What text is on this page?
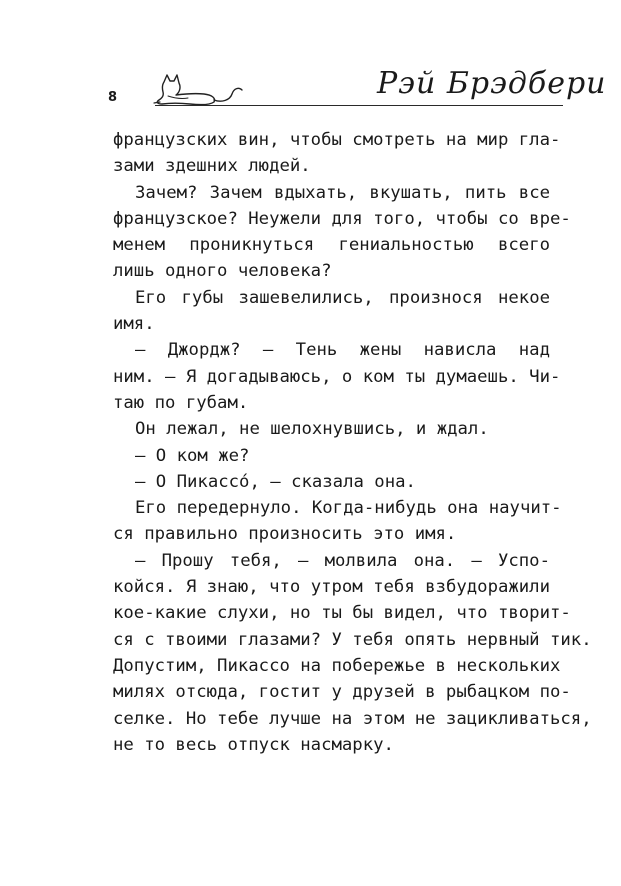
8	Рэй Брэдбери
французских вин, чтобы смотреть на мир гла-
зами здешних людей.
Зачем? Зачем вдыхать, вкушать, пить все
французское? Неужели для того, чтобы со вре-
менем проникнуться гениальностью всего
лишь одного человека?
Его губы зашевелились, произнося некое
имя.
— Джордж? — Тень жены нависла над
ним. — Я догадываюсь, о ком ты думаешь. Чи-
таю по губам.
Он лежал, не шелохнувшись, и ждал.
— О ком же?
— О Пикассо́, — сказала она.
Его передернуло. Когда-нибудь она научит-
ся правильно произносить это имя.
— Прошу тебя, — молвила она. — Успо-
койся. Я знаю, что утром тебя взбудоражили
кое-какие слухи, но ты бы видел, что творит-
ся с твоими глазами? У тебя опять нервный тик.
Допустим, Пикассо на побережье в нескольких
милях отсюда, гостит у друзей в рыбацком по-
селке. Но тебе лучше на этом не зацикливаться,
не то весь отпуск насмарку.
